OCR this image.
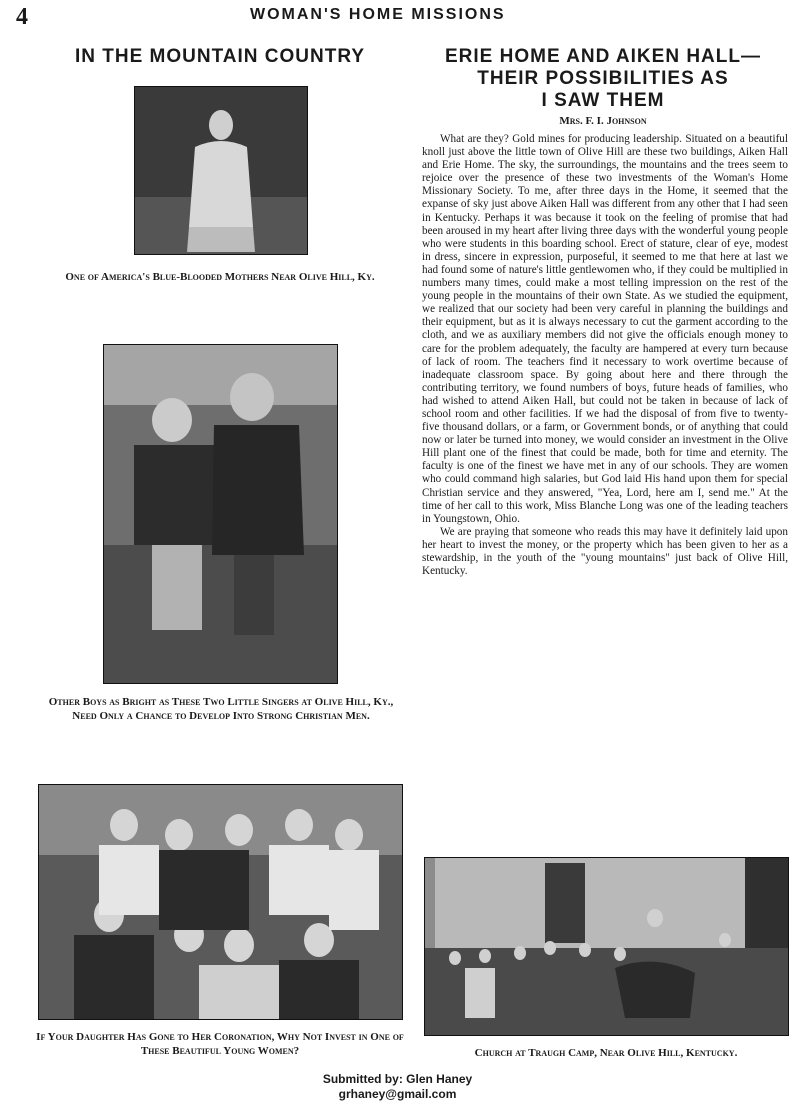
4	WOMAN'S HOME MISSIONS
IN THE MOUNTAIN COUNTRY
One of America's Blue-Blooded Mothers Near Olive Hill, Ky.
Other Boys as Bright as These Two Little Singers at Olive Hill, Ky., Need Only a Chance to Develop Into Strong Christian Men.
If Your Daughter Has Gone to Her Coronation, Why Not Invest in One of These Beautiful Young Women?
ERIE HOME AND AIKEN HALL—
THEIR POSSIBILITIES AS
I SAW THEM
Mrs. F. I. Johnson

What are they? Gold mines for producing leadership. Situated on a beautiful knoll just above the little town of Olive Hill are these two buildings, Aiken Hall and Erie Home. The sky, the surroundings, the mountains and the trees seem to rejoice over the presence of these two investments of the Woman's Home Missionary Society. To me, after three days in the Home, it seemed that the expanse of sky just above Aiken Hall was different from any other that I had seen in Kentucky. Perhaps it was because it took on the feeling of promise that had been aroused in my heart after living three days with the wonderful young people who were students in this boarding school. Erect of stature, clear of eye, modest in dress, sincere in expression, purposeful, it seemed to me that here at last we had found some of nature's little gentlewomen who, if they could be multiplied in numbers many times, could make a most telling impression on the rest of the young people in the mountains of their own State. As we studied the equipment, we realized that our society had been very careful in planning the buildings and their equipment, but as it is always necessary to cut the garment according to the cloth, and we as auxiliary members did not give the officials enough money to care for the problem adequately, the faculty are hampered at every turn because of lack of room. The teachers find it necessary to work overtime because of inadequate classroom space. By going about here and there through the contributing territory, we found numbers of boys, future heads of families, who had wished to attend Aiken Hall, but could not be taken in because of lack of school room and other facilities. If we had the disposal of from five to twenty-five thousand dollars, or a farm, or Government bonds, or of anything that could now or later be turned into money, we would consider an investment in the Olive Hill plant one of the finest that could be made, both for time and eternity. The faculty is one of the finest we have met in any of our schools. They are women who could command high salaries, but God laid His hand upon them for special Christian service and they answered, "Yea, Lord, here am I, send me." At the time of her call to this work, Miss Blanche Long was one of the leading teachers in Youngstown, Ohio.

We are praying that someone who reads this may have it definitely laid upon her heart to invest the money, or the property which has been given to her as a stewardship, in the youth of the "young mountains" just back of Olive Hill, Kentucky.

Church at Traugh Camp, Near Olive Hill, Kentucky.
Submitted by: Glen Haney
grhaney@gmail.com
